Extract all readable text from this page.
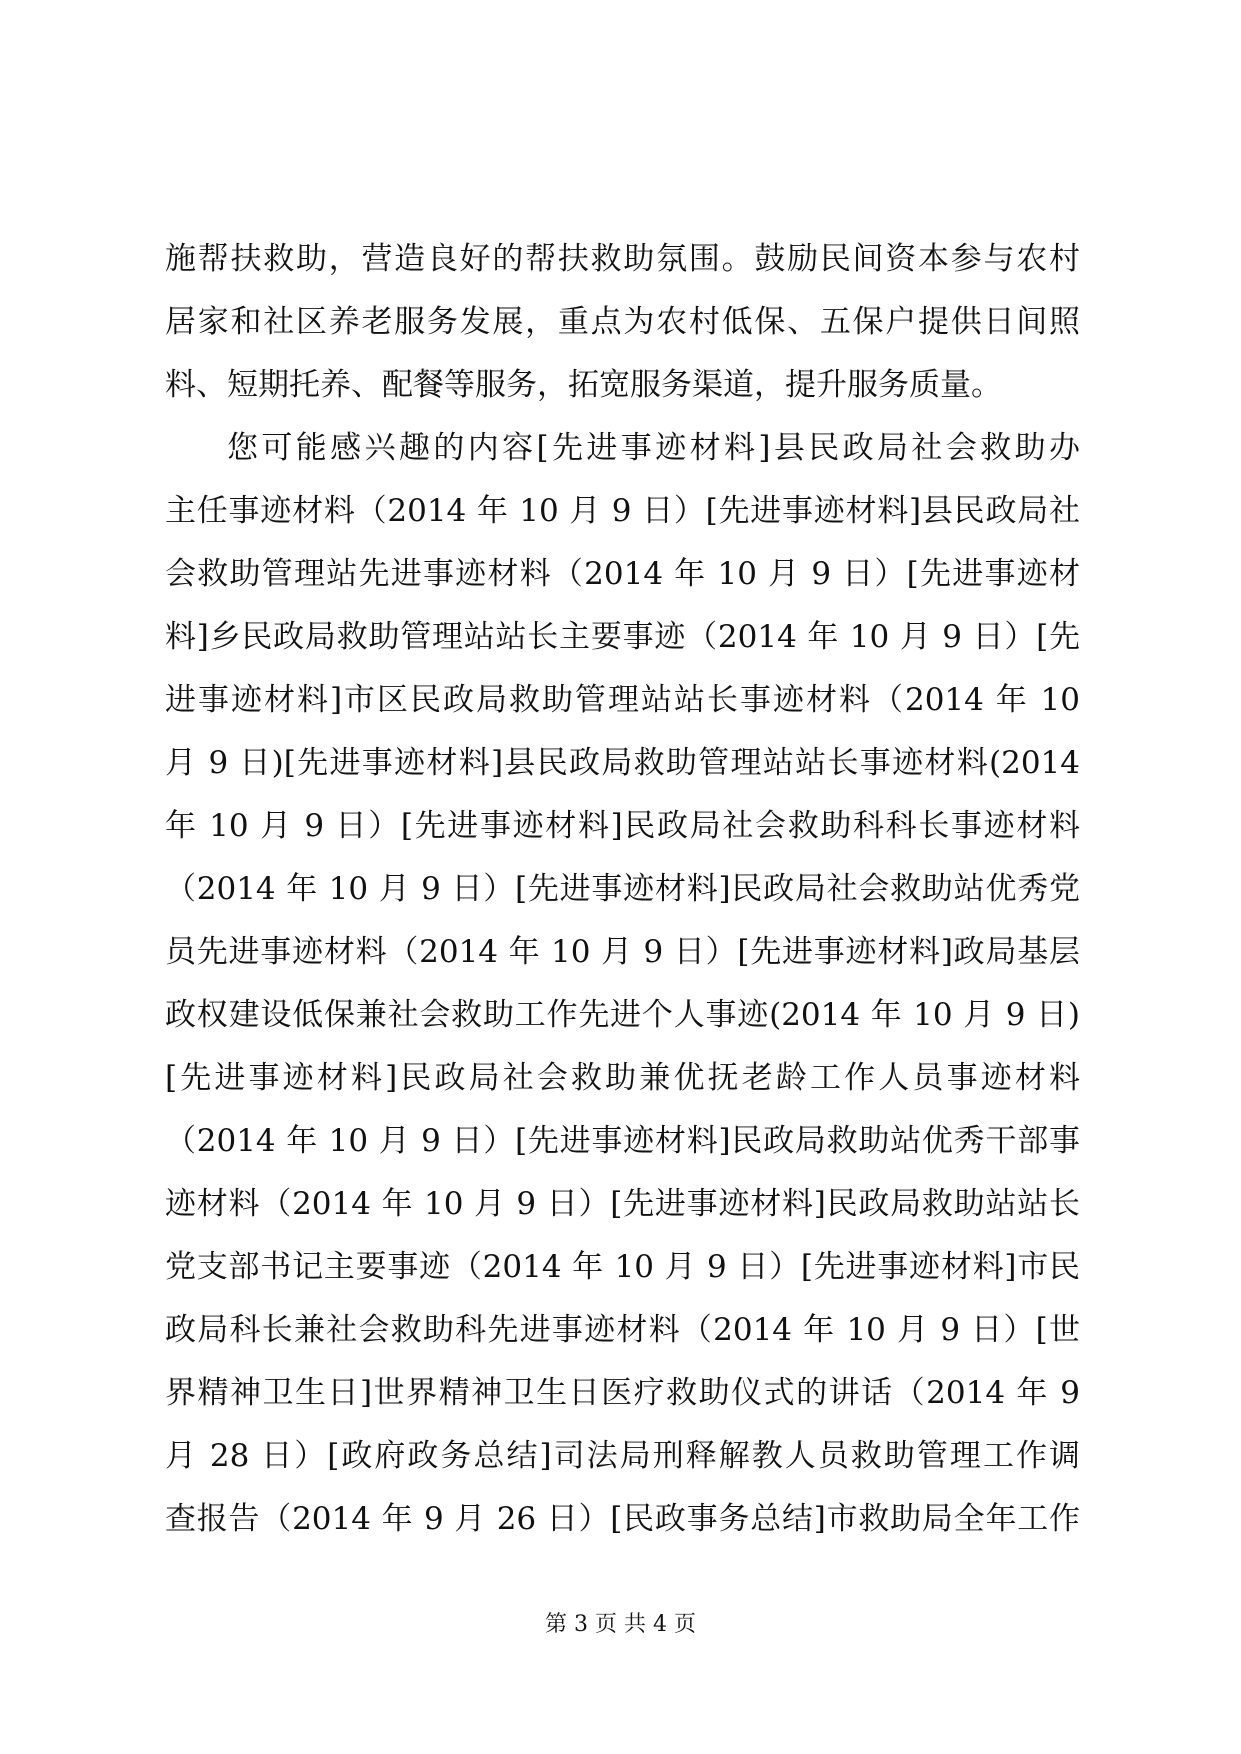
施帮扶救助，营造良好的帮扶救助氛围。鼓励民间资本参与农村
居家和社区养老服务发展，重点为农村低保、五保户提供日间照
料、短期托养、配餐等服务，拓宽服务渠道，提升服务质量。
您可能感兴趣的内容[先进事迹材料]县民政局社会救助办
主任事迹材料（2014 年 10 月 9 日）[先进事迹材料]县民政局社
会救助管理站先进事迹材料（2014 年 10 月 9 日）[先进事迹材
料]乡民政局救助管理站站长主要事迹（2014 年 10 月 9 日）[先
进事迹材料]市区民政局救助管理站站长事迹材料（2014 年 10
月 9 日)[先进事迹材料]县民政局救助管理站站长事迹材料(2014
年 10 月 9 日）[先进事迹材料]民政局社会救助科科长事迹材料
（2014 年 10 月 9 日）[先进事迹材料]民政局社会救助站优秀党
员先进事迹材料（2014 年 10 月 9 日）[先进事迹材料]政局基层
政权建设低保兼社会救助工作先进个人事迹(2014 年 10 月 9 日)
[先进事迹材料]民政局社会救助兼优抚老龄工作人员事迹材料
（2014 年 10 月 9 日）[先进事迹材料]民政局救助站优秀干部事
迹材料（2014 年 10 月 9 日）[先进事迹材料]民政局救助站站长
党支部书记主要事迹（2014 年 10 月 9 日）[先进事迹材料]市民
政局科长兼社会救助科先进事迹材料（2014 年 10 月 9 日）[世
界精神卫生日]世界精神卫生日医疗救助仪式的讲话（2014 年 9
月 28 日）[政府政务总结]司法局刑释解教人员救助管理工作调
查报告（2014 年 9 月 26 日）[民政事务总结]市救助局全年工作
第 3 页 共 4 页
